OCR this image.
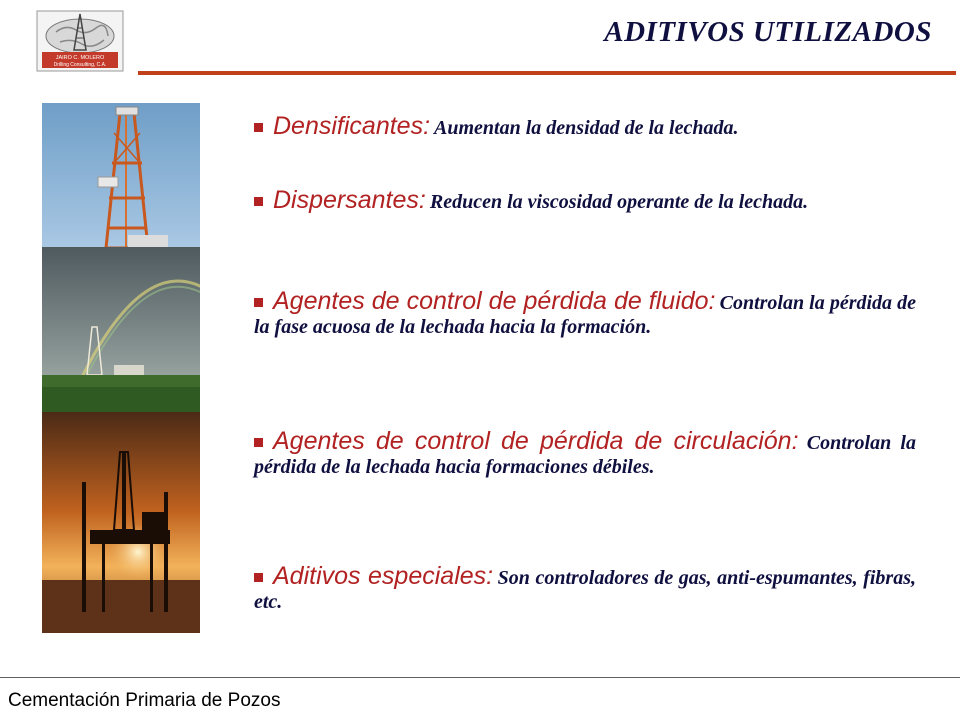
JAIRO C. MOLERO
Drilling Consulting, C.A.
ADITIVOS UTILIZADOS
Densificantes: Aumentan la densidad de la lechada.
Dispersantes: Reducen la viscosidad operante de la lechada.
Agentes de control de pérdida de fluido: Controlan la pérdida de la fase acuosa de la lechada hacia la formación.
Agentes de control de pérdida de circulación: Controlan la pérdida de la lechada hacia formaciones débiles.
Aditivos especiales: Son controladores de gas, anti-espumantes, fibras, etc.
Cementación Primaria de Pozos
